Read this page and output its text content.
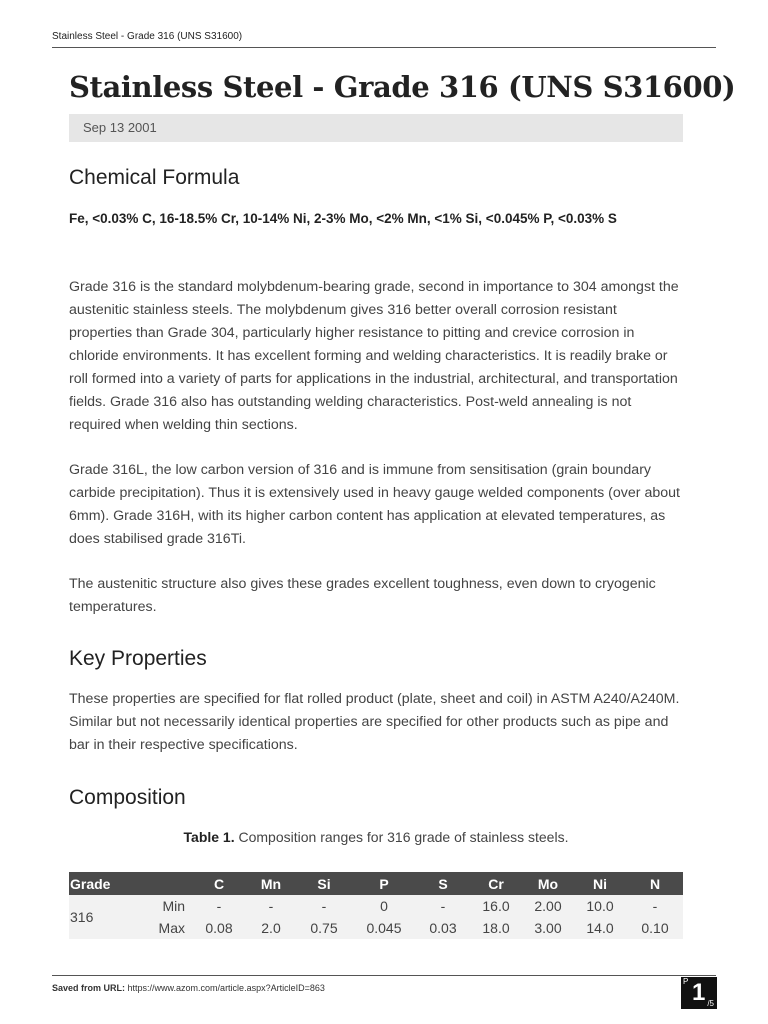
Stainless Steel - Grade 316 (UNS S31600)
Stainless Steel - Grade 316 (UNS S31600)
Sep 13 2001
Chemical Formula

Fe, <0.03% C, 16-18.5% Cr, 10-14% Ni, 2-3% Mo, <2% Mn, <1% Si, <0.045% P, <0.03% S

Grade 316 is the standard molybdenum-bearing grade, second in importance to 304 amongst the austenitic stainless steels. The molybdenum gives 316 better overall corrosion resistant properties than Grade 304, particularly higher resistance to pitting and crevice corrosion in chloride environments. It has excellent forming and welding characteristics. It is readily brake or roll formed into a variety of parts for applications in the industrial, architectural, and transportation fields. Grade 316 also has outstanding welding characteristics. Post-weld annealing is not required when welding thin sections.

Grade 316L, the low carbon version of 316 and is immune from sensitisation (grain boundary carbide precipitation). Thus it is extensively used in heavy gauge welded components (over about 6mm). Grade 316H, with its higher carbon content has application at elevated temperatures, as does stabilised grade 316Ti.

The austenitic structure also gives these grades excellent toughness, even down to cryogenic temperatures.

Key Properties

These properties are specified for flat rolled product (plate, sheet and coil) in ASTM A240/A240M. Similar but not necessarily identical properties are specified for other products such as pipe and bar in their respective specifications.

Composition
Table 1. Composition ranges for 316 grade of stainless steels.
Grade		C	Mn	Si	P	S	Cr	Mo	Ni	N
316	Min	-	-	-	0	-	16.0	2.00	10.0	-
	Max	0.08	2.0	0.75	0.045	0.03	18.0	3.00	14.0	0.10
Saved from URL: https://www.azom.com/article.aspx?ArticleID=863
P 1 /5
